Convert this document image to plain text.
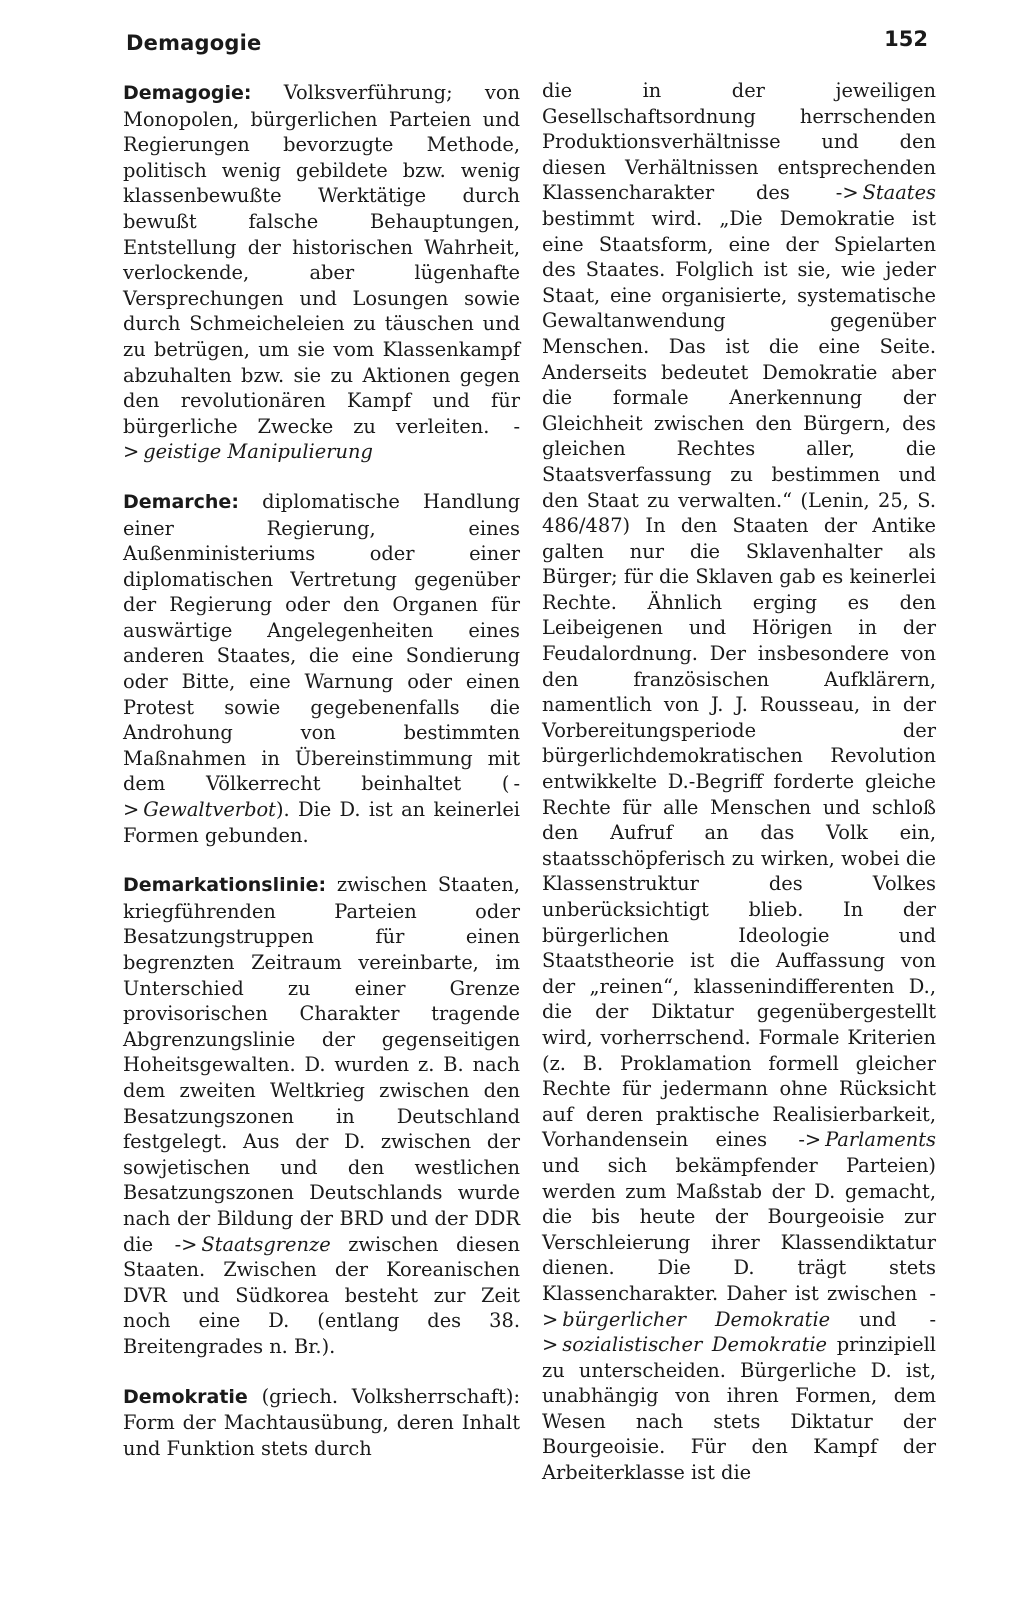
Demagogie	152

Demagogie: Volksverführung; von Monopolen, bürgerlichen Parteien und Regierungen bevorzugte Methode, politisch wenig gebildete bzw. wenig klassenbewußte Werktätige durch bewußt falsche Behauptungen, Entstellung der historischen Wahrheit, verlockende, aber lügenhafte Versprechungen und Losungen sowie durch Schmeicheleien zu täuschen und zu betrügen, um sie vom Klassenkampf abzuhalten bzw. sie zu Aktionen gegen den revolutionären Kampf und für bürgerliche Zwecke zu verleiten. -> geistige Manipulierung

Demarche: diplomatische Handlung einer Regierung, eines Außenministeriums oder einer diplomatischen Vertretung gegenüber der Regierung oder den Organen für auswärtige Angelegenheiten eines anderen Staates, die eine Sondierung oder Bitte, eine Warnung oder einen Protest sowie gegebenenfalls die Androhung von bestimmten Maßnahmen in Übereinstimmung mit dem Völkerrecht beinhaltet ( -> Gewaltverbot). Die D. ist an keinerlei Formen gebunden.

Demarkationslinie: zwischen Staaten, kriegführenden Parteien oder Besatzungstruppen für einen begrenzten Zeitraum vereinbarte, im Unterschied zu einer Grenze provisorischen Charakter tragende Abgrenzungslinie der gegenseitigen Hoheitsgewalten. D. wurden z. B. nach dem zweiten Weltkrieg zwischen den Besatzungszonen in Deutschland festgelegt. Aus der D. zwischen der sowjetischen und den westlichen Besatzungszonen Deutschlands wurde nach der Bildung der BRD und der DDR die -> Staatsgrenze zwischen diesen Staaten. Zwischen der Koreanischen DVR und Südkorea besteht zur Zeit noch eine D. (entlang des 38. Breitengrades n. Br.).

Demokratie (griech. Volksherrschaft): Form der Machtausübung, deren Inhalt und Funktion stets durch

die in der jeweiligen Gesellschaftsordnung herrschenden Produktionsverhältnisse und den diesen Verhältnissen entsprechenden Klassencharakter des -> Staates bestimmt wird. „Die Demokratie ist eine Staatsform, eine der Spielarten des Staates. Folglich ist sie, wie jeder Staat, eine organisierte, systematische Gewaltanwendung gegenüber Menschen. Das ist die eine Seite. Anderseits bedeutet Demokratie aber die formale Anerkennung der Gleichheit zwischen den Bürgern, des gleichen Rechtes aller, die Staatsverfassung zu bestimmen und den Staat zu verwalten.“ (Lenin, 25, S. 486/487) In den Staaten der Antike galten nur die Sklavenhalter als Bürger; für die Sklaven gab es keinerlei Rechte. Ähnlich erging es den Leibeigenen und Hörigen in der Feudalordnung. Der insbesondere von den französischen Aufklärern, namentlich von J. J. Rousseau, in der Vorbereitungsperiode der bürgerlichdemokratischen Revolution entwikkelte D.-Begriff forderte gleiche Rechte für alle Menschen und schloß den Aufruf an das Volk ein, staatsschöpferisch zu wirken, wobei die Klassenstruktur des Volkes unberücksichtigt blieb. In der bürgerlichen Ideologie und Staatstheorie ist die Auffassung von der „reinen“, klassenindifferenten D., die der Diktatur gegenübergestellt wird, vorherrschend. Formale Kriterien (z. B. Proklamation formell gleicher Rechte für jedermann ohne Rücksicht auf deren praktische Realisierbarkeit, Vorhandensein eines -> Parlaments und sich bekämpfender Parteien) werden zum Maßstab der D. gemacht, die bis heute der Bourgeoisie zur Verschleierung ihrer Klassendiktatur dienen. Die D. trägt stets Klassencharakter. Daher ist zwischen -> bürgerlicher Demokratie und -> sozialistischer Demokratie prinzipiell zu unterscheiden. Bürgerliche D. ist, unabhängig von ihren Formen, dem Wesen nach stets Diktatur der Bourgeoisie. Für den Kampf der Arbeiterklasse ist die
